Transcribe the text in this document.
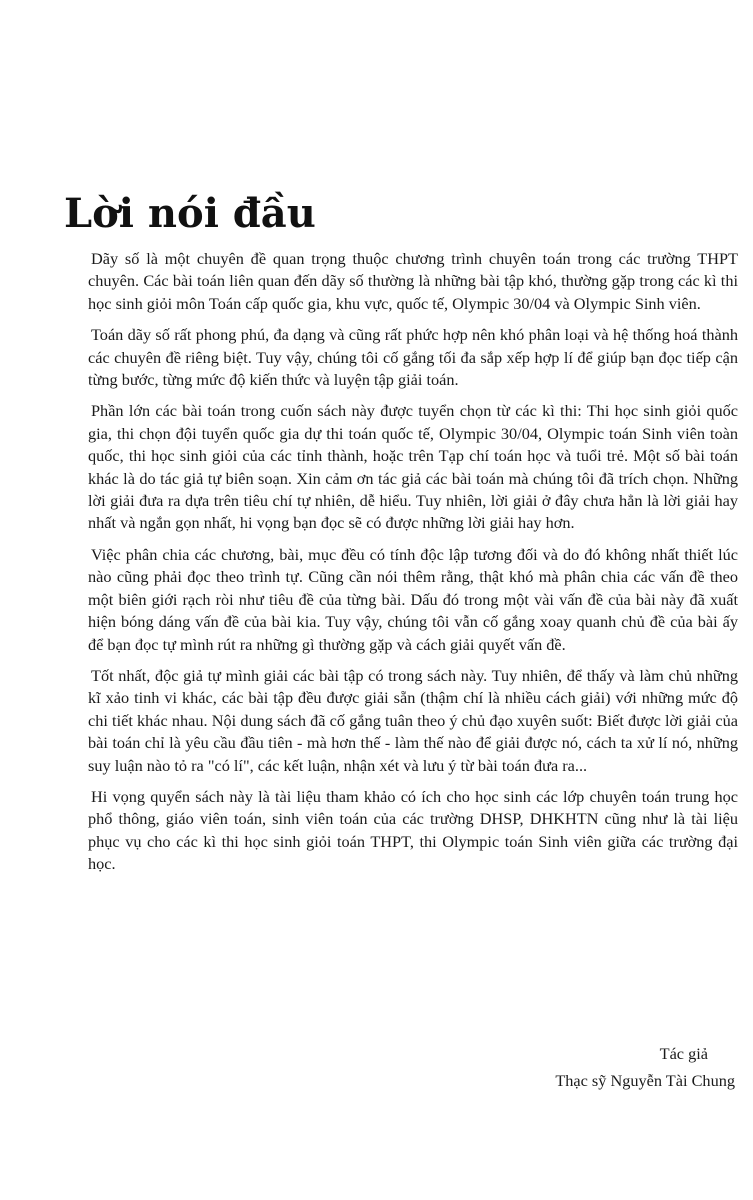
Lời nói đầu

Dãy số là một chuyên đề quan trọng thuộc chương trình chuyên toán trong các trường THPT chuyên. Các bài toán liên quan đến dãy số thường là những bài tập khó, thường gặp trong các kì thi học sinh giỏi môn Toán cấp quốc gia, khu vực, quốc tế, Olympic 30/04 và Olympic Sinh viên.

Toán dãy số rất phong phú, đa dạng và cũng rất phức hợp nên khó phân loại và hệ thống hoá thành các chuyên đề riêng biệt. Tuy vậy, chúng tôi cố gắng tối đa sắp xếp hợp lí để giúp bạn đọc tiếp cận từng bước, từng mức độ kiến thức và luyện tập giải toán.

Phần lớn các bài toán trong cuốn sách này được tuyển chọn từ các kì thi: Thi học sinh giỏi quốc gia, thi chọn đội tuyển quốc gia dự thi toán quốc tế, Olympic 30/04, Olympic toán Sinh viên toàn quốc, thi học sinh giỏi của các tỉnh thành, hoặc trên Tạp chí toán học và tuổi trẻ. Một số bài toán khác là do tác giả tự biên soạn. Xin cảm ơn tác giả các bài toán mà chúng tôi đã trích chọn. Những lời giải đưa ra dựa trên tiêu chí tự nhiên, dễ hiểu. Tuy nhiên, lời giải ở đây chưa hẳn là lời giải hay nhất và ngắn gọn nhất, hi vọng bạn đọc sẽ có được những lời giải hay hơn.

Việc phân chia các chương, bài, mục đều có tính độc lập tương đối và do đó không nhất thiết lúc nào cũng phải đọc theo trình tự. Cũng cần nói thêm rằng, thật khó mà phân chia các vấn đề theo một biên giới rạch ròi như tiêu đề của từng bài. Dấu đó trong một vài vấn đề của bài này đã xuất hiện bóng dáng vấn đề của bài kia. Tuy vậy, chúng tôi vẫn cố gắng xoay quanh chủ đề của bài ấy để bạn đọc tự mình rút ra những gì thường gặp và cách giải quyết vấn đề.

Tốt nhất, độc giả tự mình giải các bài tập có trong sách này. Tuy nhiên, để thấy và làm chủ những kĩ xảo tinh vi khác, các bài tập đều được giải sẵn (thậm chí là nhiều cách giải) với những mức độ chi tiết khác nhau. Nội dung sách đã cố gắng tuân theo ý chủ đạo xuyên suốt: Biết được lời giải của bài toán chỉ là yêu cầu đầu tiên - mà hơn thế - làm thế nào để giải được nó, cách ta xử lí nó, những suy luận nào tỏ ra "có lí", các kết luận, nhận xét và lưu ý từ bài toán đưa ra...

Hi vọng quyển sách này là tài liệu tham khảo có ích cho học sinh các lớp chuyên toán trung học phổ thông, giáo viên toán, sinh viên toán của các trường DHSP, DHKHTN cũng như là tài liệu phục vụ cho các kì thi học sinh giỏi toán THPT, thi Olympic toán Sinh viên giữa các trường đại học.

Tác giả
Thạc sỹ Nguyễn Tài Chung
